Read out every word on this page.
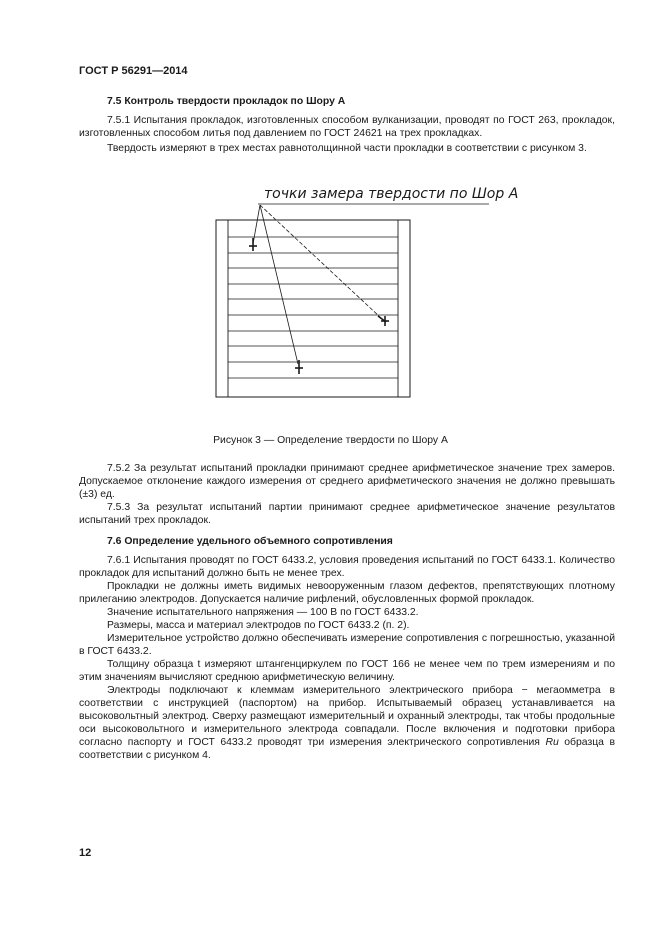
ГОСТ Р 56291—2014

7.5 Контроль твердости прокладок по Шору А

7.5.1 Испытания прокладок, изготовленных способом вулканизации, проводят по ГОСТ 263, прокладок, изготовленных способом литья под давлением по ГОСТ 24621 на трех прокладках.

Твердость измеряют в трех местах равнотолщинной части прокладки в соответствии с рисунком 3.

точки замера твердости по Шор А
Рисунок 3 — Определение твердости по Шору А

7.5.2 За результат испытаний прокладки принимают среднее арифметическое значение трех замеров. Допускаемое отклонение каждого измерения от среднего арифметического значения не должно превышать (±3) ед.

7.5.3 За результат испытаний партии принимают среднее арифметическое значение результатов испытаний трех прокладок.

7.6 Определение удельного объемного сопротивления

7.6.1 Испытания проводят по ГОСТ 6433.2, условия проведения испытаний по ГОСТ 6433.1. Количество прокладок для испытаний должно быть не менее трех.

Прокладки не должны иметь видимых невооруженным глазом дефектов, препятствующих плотному прилеганию электродов. Допускается наличие рифлений, обусловленных формой прокладок.

Значение испытательного напряжения — 100 В по ГОСТ 6433.2.

Размеры, масса и материал электродов по ГОСТ 6433.2 (п. 2).

Измерительное устройство должно обеспечивать измерение сопротивления с погрешностью, указанной в ГОСТ 6433.2.

Толщину образца t измеряют штангенциркулем по ГОСТ 166 не менее чем по трем измерениям и по этим значениям вычисляют среднюю арифметическую величину.

Электроды подключают к клеммам измерительного электрического прибора − мегаомметра в соответствии с инструкцией (паспортом) на прибор. Испытываемый образец устанавливается на высоковольтный электрод. Сверху размещают измерительный и охранный электроды, так чтобы продольные оси высоковольтного и измерительного электрода совпадали. После включения и подготовки прибора согласно паспорту и ГОСТ 6433.2 проводят три измерения электрического сопротивления Ru образца в соответствии с рисунком 4.

12
